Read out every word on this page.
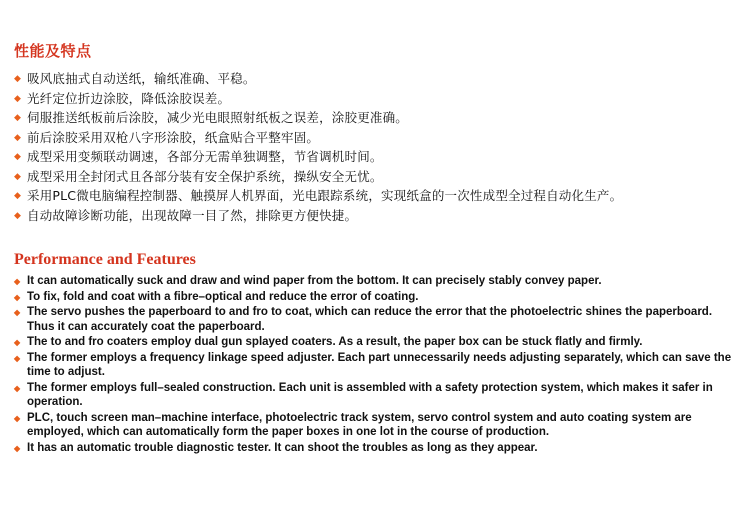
性能及特点
◆ 吸风底抽式自动送纸，输纸准确、平稳。
◆ 光纤定位折边涂胶，降低涂胶误差。
◆ 伺服推送纸板前后涂胶，减少光电眼照射纸板之误差，涂胶更准确。
◆ 前后涂胶采用双枪八字形涂胶，纸盒贴合平整牢固。
◆ 成型采用变频联动调速，各部分无需单独调整，节省调机时间。
◆ 成型采用全封闭式且各部分装有安全保护系统，操纵安全无忧。
◆ 采用PLC微电脑编程控制器、触摸屏人机界面，光电跟踪系统，实现纸盒的一次性成型全过程自动化生产。
◆ 自动故障诊断功能，出现故障一目了然，排除更方便快捷。
Performance and Features
◆ It can automatically suck and draw and wind paper from the bottom. It can precisely stably convey paper.
◆ To fix, fold and coat with a fibre–optical and reduce the error of coating.
◆ The servo pushes the paperboard to and fro to coat, which can reduce the error that the photoelectric shines the paperboard. Thus it can accurately coat the paperboard.
◆ The to and fro coaters employ dual gun splayed coaters. As a result, the paper box can be stuck flatly and firmly.
◆ The former employs a frequency linkage speed adjuster. Each part unnecessarily needs adjusting separately, which can save the time to adjust.
◆ The former employs full–sealed construction. Each unit is assembled with a safety protection system, which makes it safer in operation.
◆ PLC, touch screen man–machine interface, photoelectric track system, servo control system and auto coating system are employed, which can automatically form the paper boxes in one lot in the course of production.
◆ It has an automatic trouble diagnostic tester. It can shoot the troubles as long as they appear.
